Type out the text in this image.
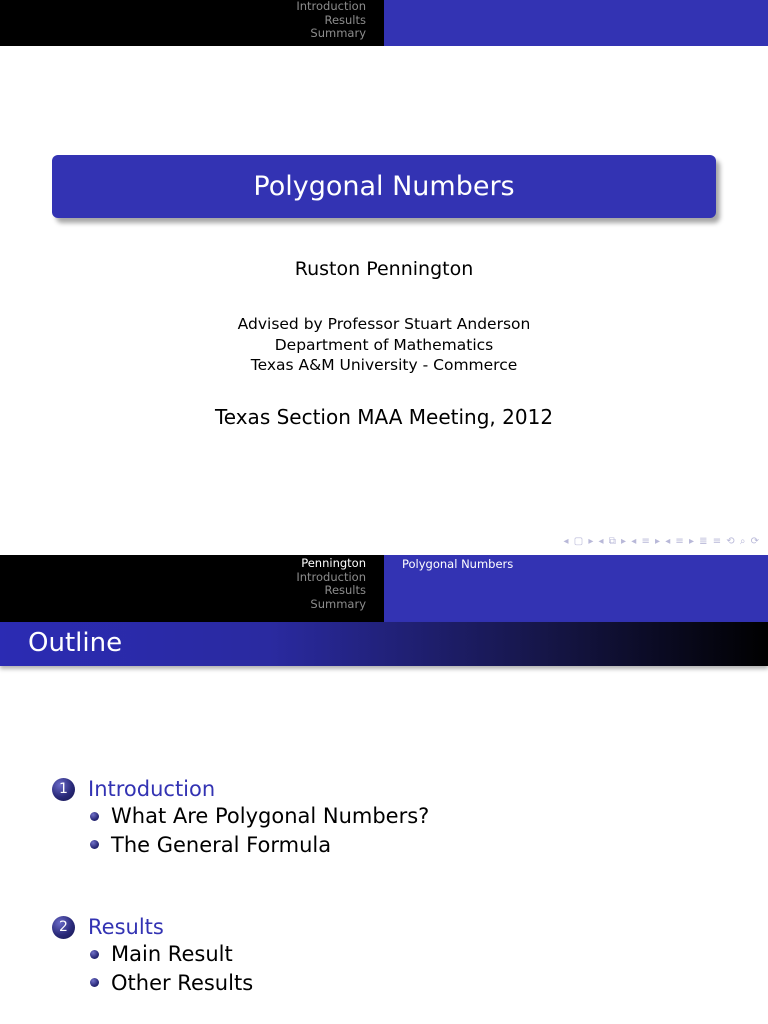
Introduction
Results
Summary
Polygonal Numbers
Ruston Pennington
Advised by Professor Stuart Anderson
Department of Mathematics
Texas A&M University - Commerce
Texas Section MAA Meeting, 2012
◂ ▢ ▸ ◂ ⧉ ▸ ◂ ≡ ▸ ◂ ≡ ▸ ≣ ≡ ⟲ ⌕ ⟳
Pennington
Introduction
Results
Summary
Polygonal Numbers
Outline
1 Introduction
What Are Polygonal Numbers?
The General Formula
2 Results
Main Result
Other Results
